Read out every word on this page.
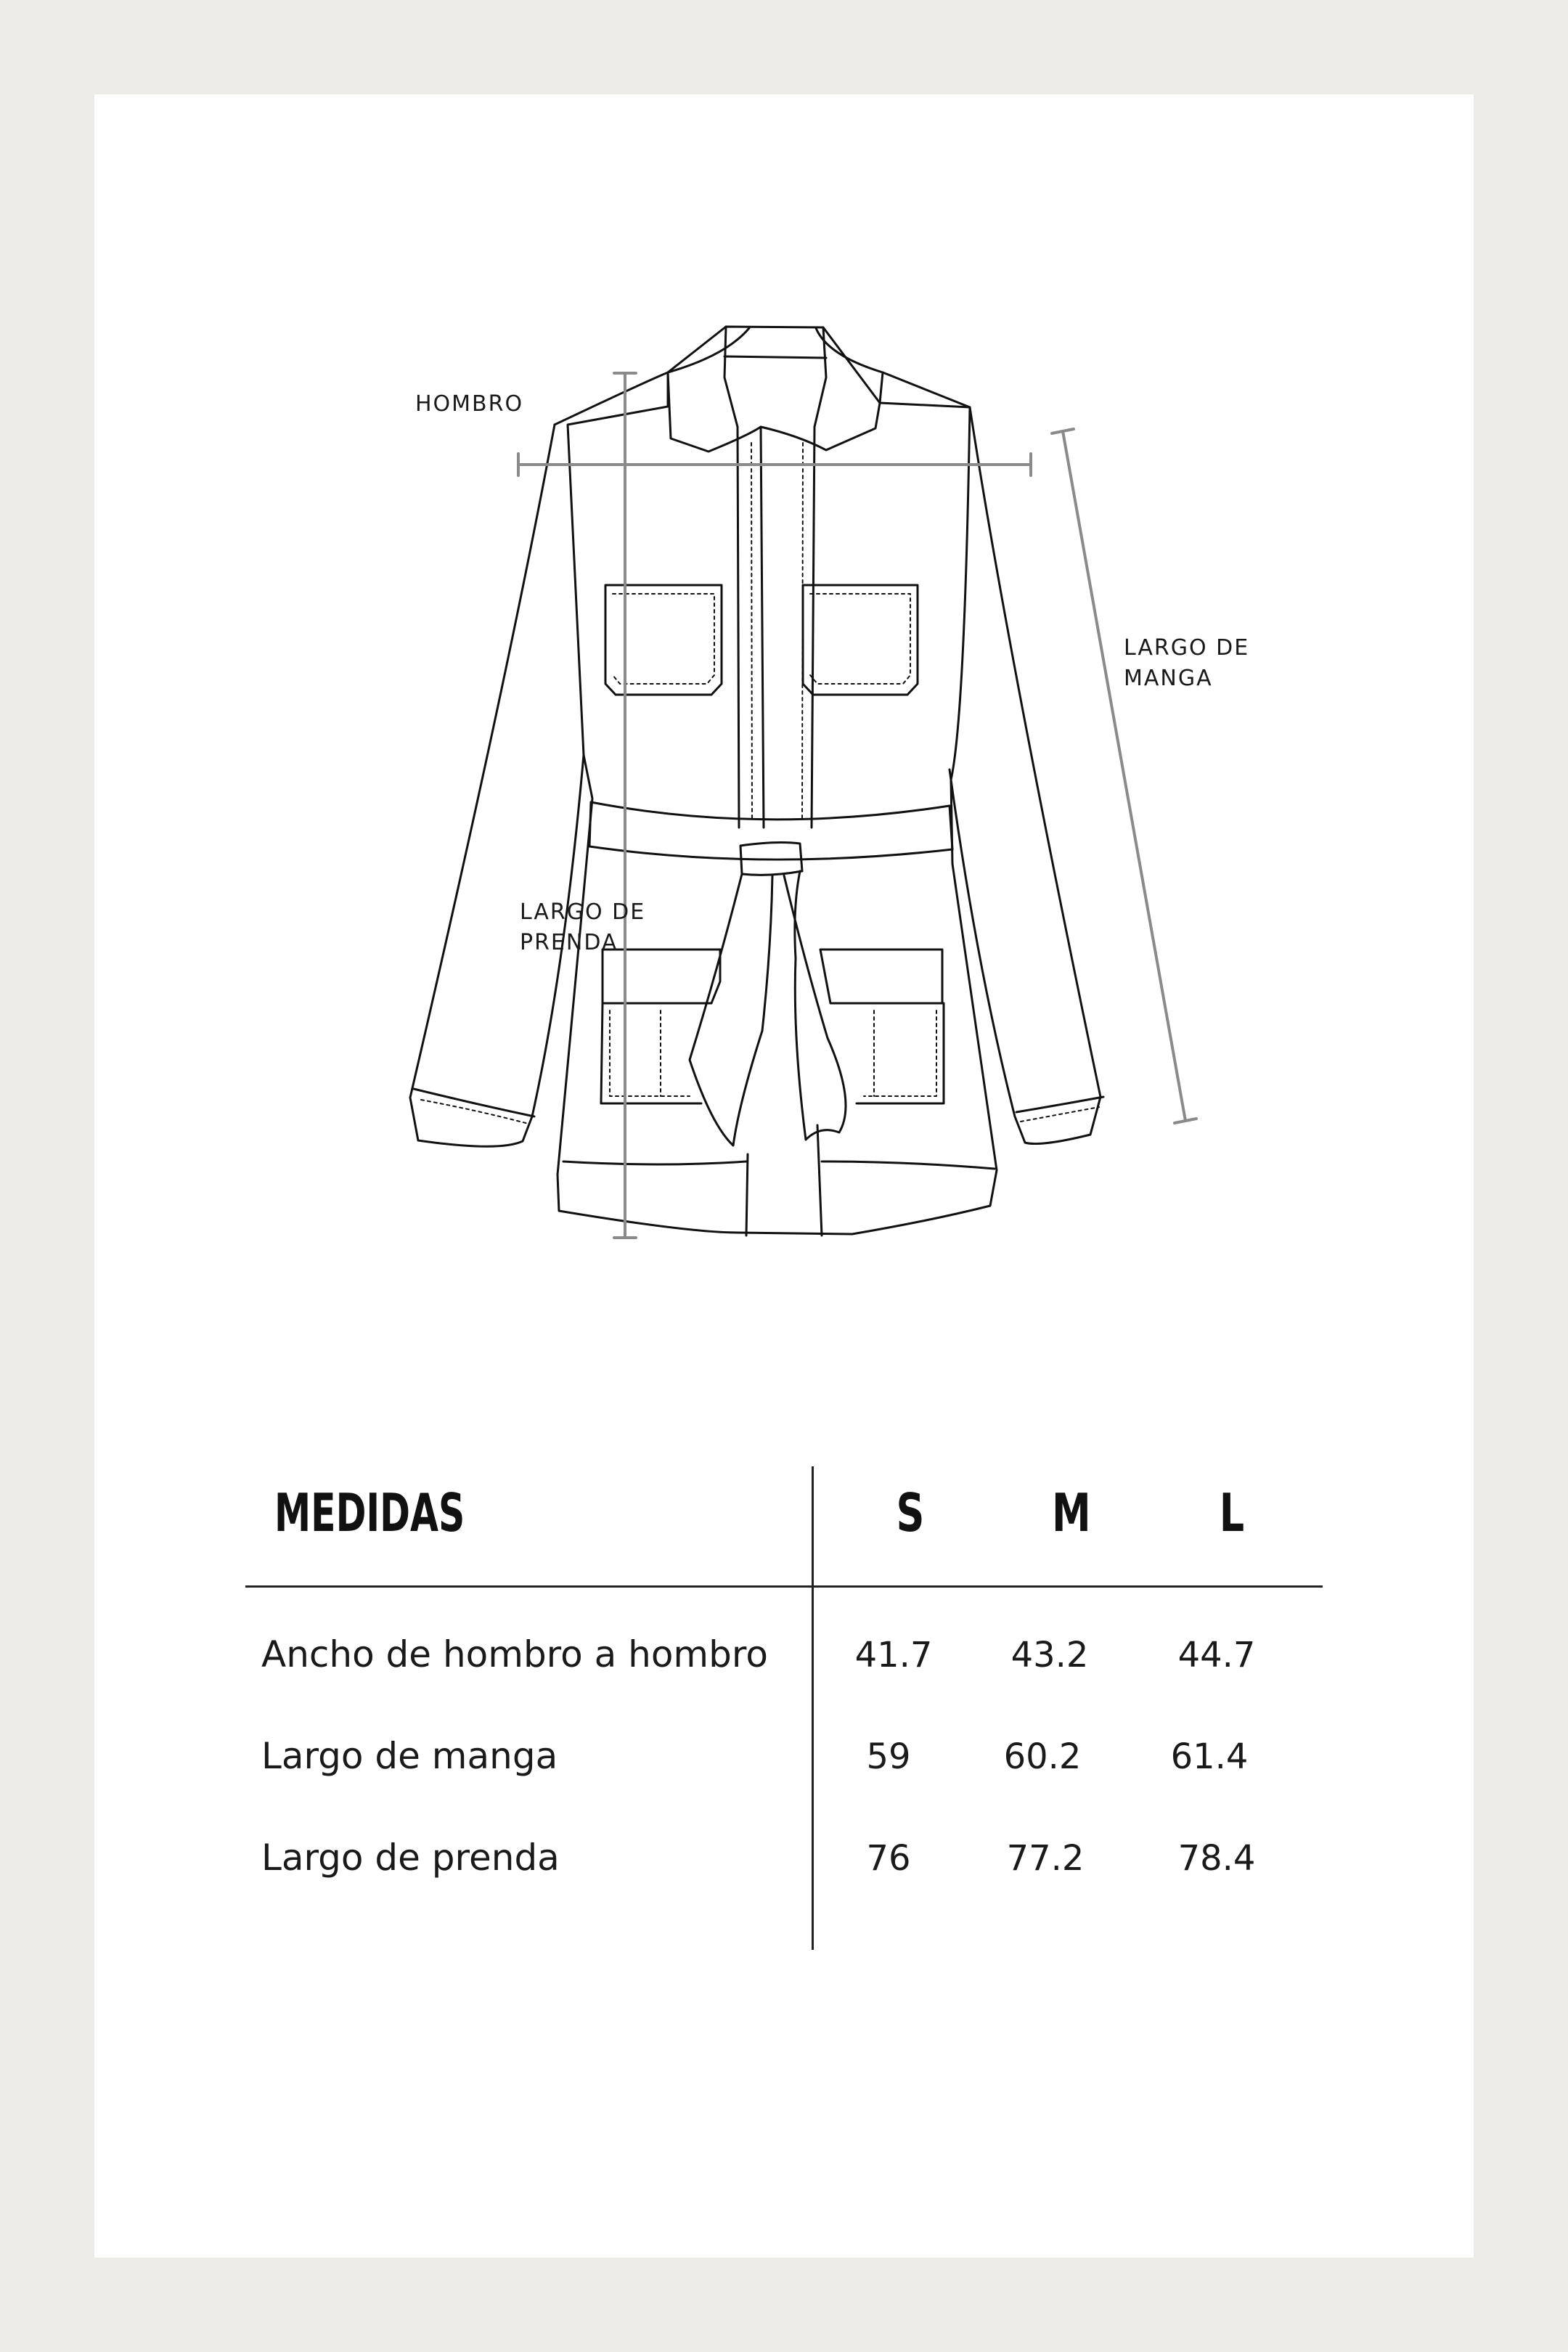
HOMBRO
LARGO DE
MANGA
LARGO DE
PRENDA
MEDIDAS	S	M	L
Ancho de hombro a hombro	41.7	43.2	44.7
Largo de manga	59	60.2	61.4
Largo de prenda	76	77.2	78.4
